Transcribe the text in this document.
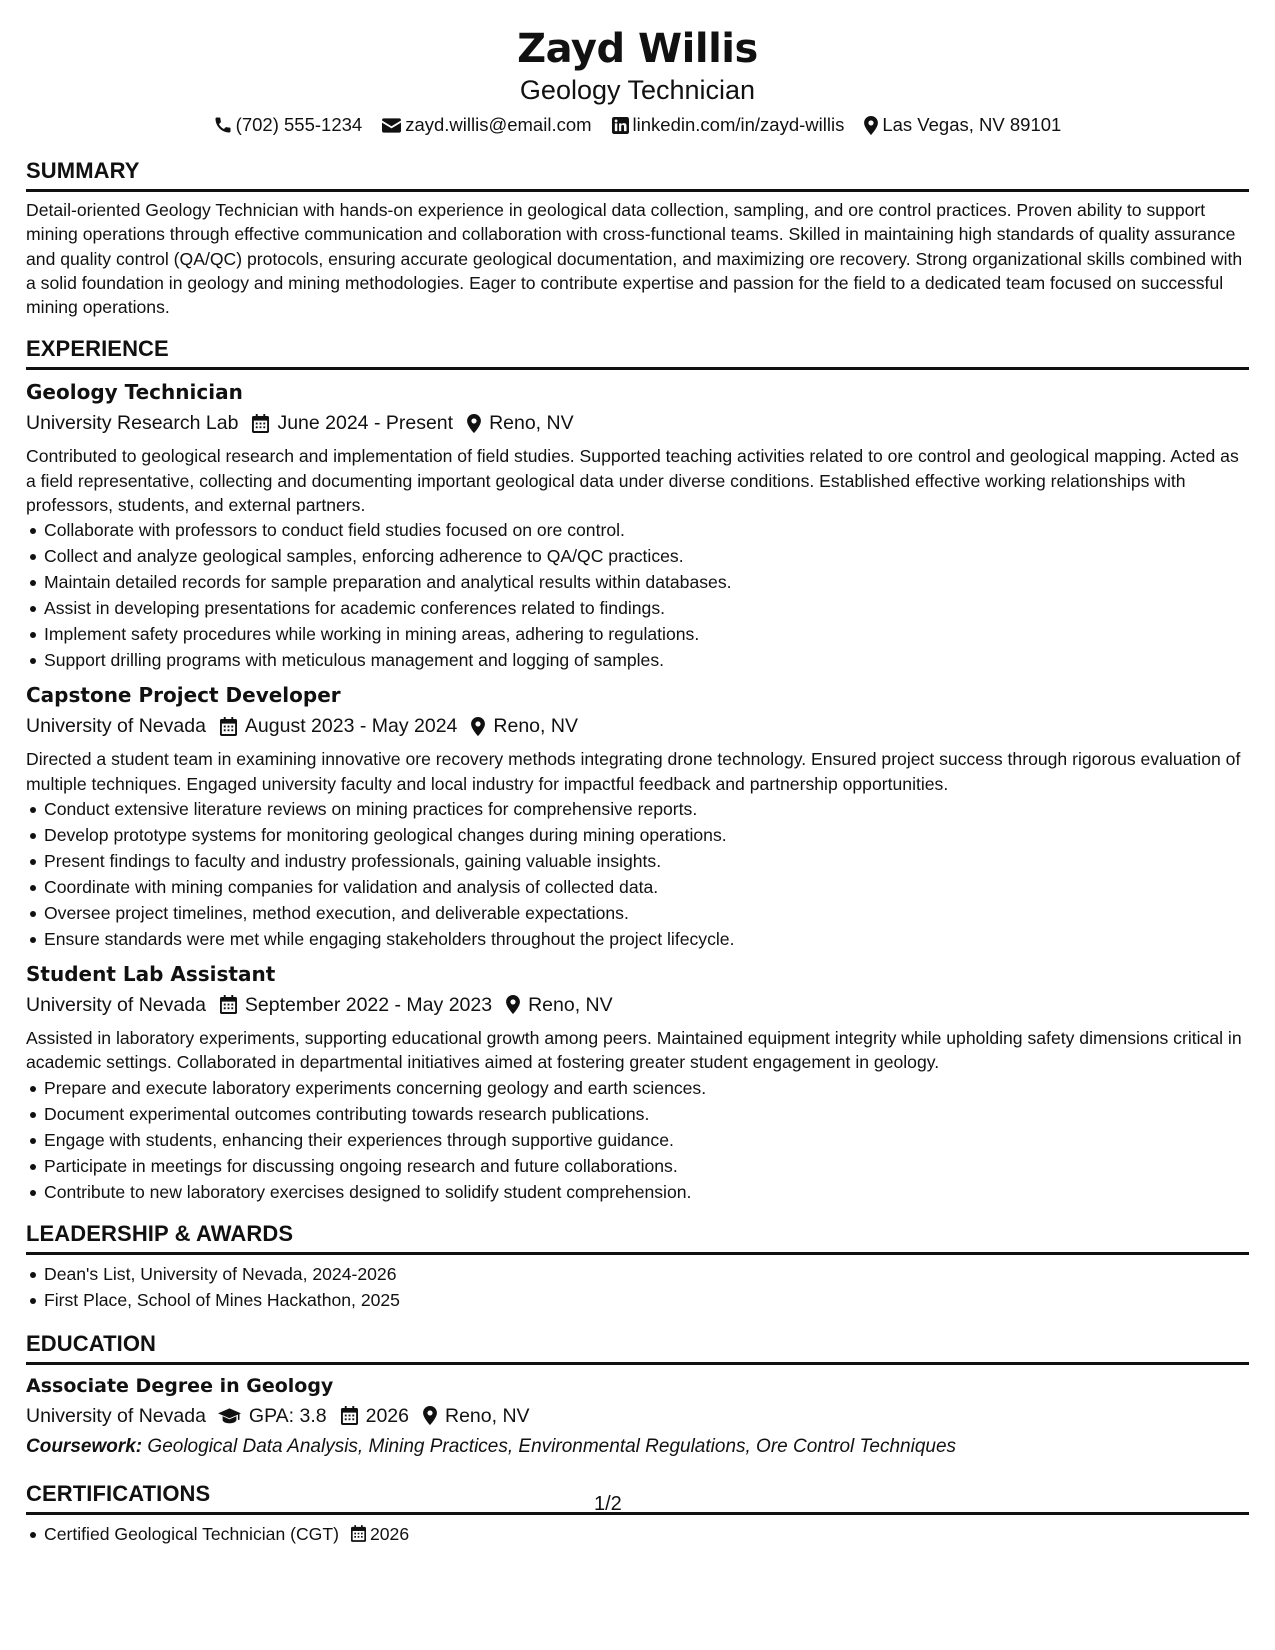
Zayd Willis
Geology Technician
(702) 555-1234 zayd.willis@email.com linkedin.com/in/zayd-willis Las Vegas, NV 89101
SUMMARY
Detail-oriented Geology Technician with hands-on experience in geological data collection, sampling, and ore control practices. Proven ability to support mining operations through effective communication and collaboration with cross-functional teams. Skilled in maintaining high standards of quality assurance and quality control (QA/QC) protocols, ensuring accurate geological documentation, and maximizing ore recovery. Strong organizational skills combined with a solid foundation in geology and mining methodologies. Eager to contribute expertise and passion for the field to a dedicated team focused on successful mining operations.
EXPERIENCE
Geology Technician
University Research Lab June 2024 - Present Reno, NV
Contributed to geological research and implementation of field studies. Supported teaching activities related to ore control and geological mapping. Acted as a field representative, collecting and documenting important geological data under diverse conditions. Established effective working relationships with professors, students, and external partners.
Collaborate with professors to conduct field studies focused on ore control.
Collect and analyze geological samples, enforcing adherence to QA/QC practices.
Maintain detailed records for sample preparation and analytical results within databases.
Assist in developing presentations for academic conferences related to findings.
Implement safety procedures while working in mining areas, adhering to regulations.
Support drilling programs with meticulous management and logging of samples.
Capstone Project Developer
University of Nevada August 2023 - May 2024 Reno, NV
Directed a student team in examining innovative ore recovery methods integrating drone technology. Ensured project success through rigorous evaluation of multiple techniques. Engaged university faculty and local industry for impactful feedback and partnership opportunities.
Conduct extensive literature reviews on mining practices for comprehensive reports.
Develop prototype systems for monitoring geological changes during mining operations.
Present findings to faculty and industry professionals, gaining valuable insights.
Coordinate with mining companies for validation and analysis of collected data.
Oversee project timelines, method execution, and deliverable expectations.
Ensure standards were met while engaging stakeholders throughout the project lifecycle.
Student Lab Assistant
University of Nevada September 2022 - May 2023 Reno, NV
Assisted in laboratory experiments, supporting educational growth among peers. Maintained equipment integrity while upholding safety dimensions critical in academic settings. Collaborated in departmental initiatives aimed at fostering greater student engagement in geology.
Prepare and execute laboratory experiments concerning geology and earth sciences.
Document experimental outcomes contributing towards research publications.
Engage with students, enhancing their experiences through supportive guidance.
Participate in meetings for discussing ongoing research and future collaborations.
Contribute to new laboratory exercises designed to solidify student comprehension.
LEADERSHIP & AWARDS
Dean's List, University of Nevada, 2024-2026
First Place, School of Mines Hackathon, 2025
EDUCATION
Associate Degree in Geology
University of Nevada GPA: 3.8 2026 Reno, NV
Coursework: Geological Data Analysis, Mining Practices, Environmental Regulations, Ore Control Techniques
CERTIFICATIONS
Certified Geological Technician (CGT) 2026
1/2
